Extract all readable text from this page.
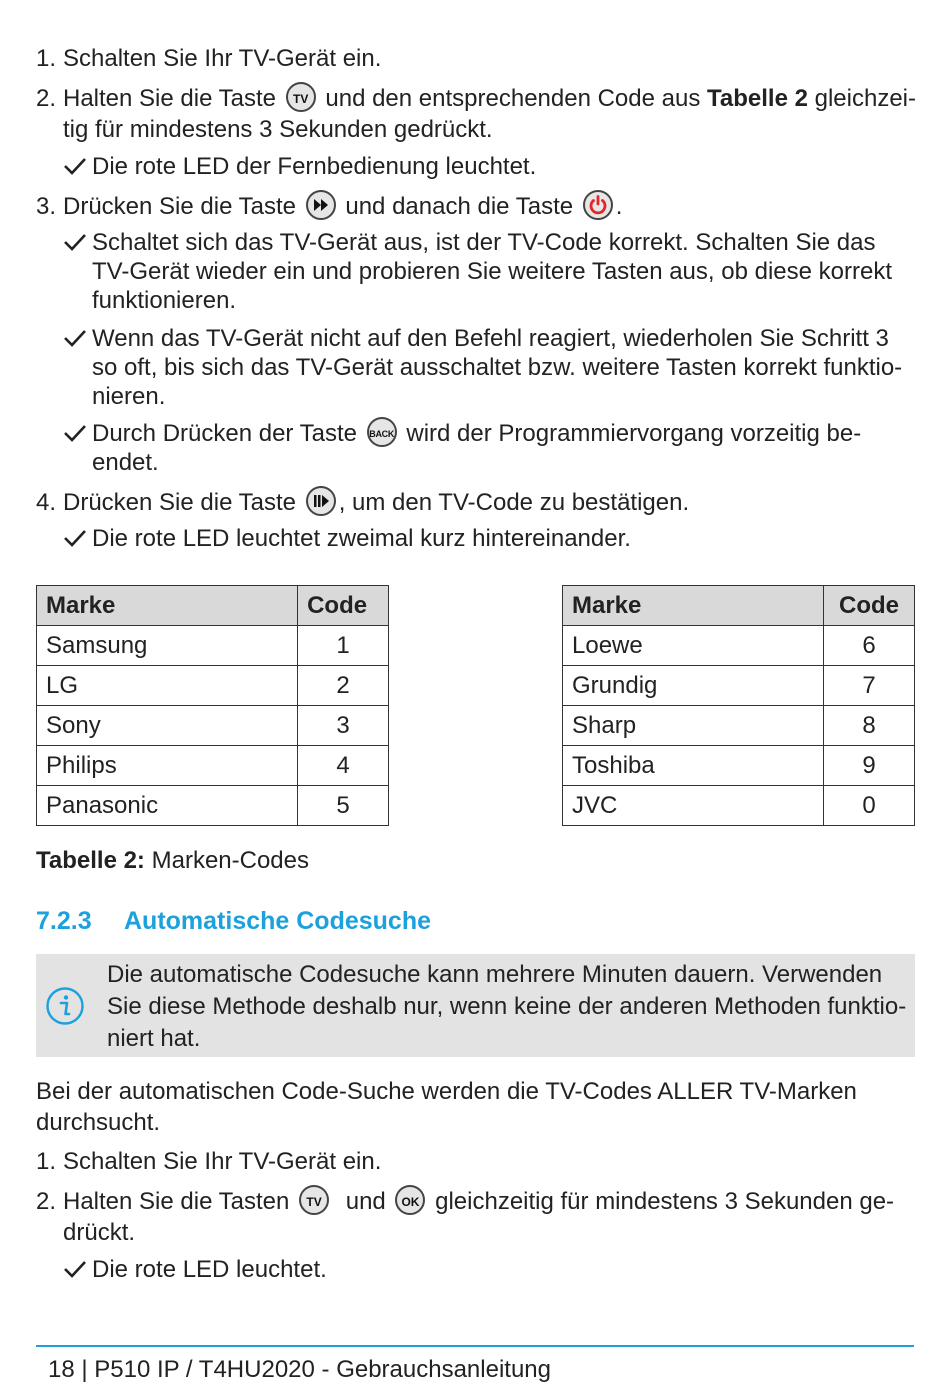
1. Schalten Sie Ihr TV-Gerät ein.
2. Halten Sie die Taste TV und den entsprechenden Code aus Tabelle 2 gleichzei-
tig für mindestens 3 Sekunden gedrückt.
Die rote LED der Fernbedienung leuchtet.
3. Drücken Sie die Taste und danach die Taste .
Schaltet sich das TV-Gerät aus, ist der TV-Code korrekt. Schalten Sie das
TV-Gerät wieder ein und probieren Sie weitere Tasten aus, ob diese korrekt
funktionieren.
Wenn das TV-Gerät nicht auf den Befehl reagiert, wiederholen Sie Schritt 3
so oft, bis sich das TV-Gerät ausschaltet bzw. weitere Tasten korrekt funktio-
nieren.
Durch Drücken der Taste BACK wird der Programmiervorgang vorzeitig be-
endet.
4. Drücken Sie die Taste , um den TV-Code zu bestätigen.
Die rote LED leuchtet zweimal kurz hintereinander.
Marke	Code
Samsung	1
LG	2
Sony	3
Philips	4
Panasonic	5
Marke	Code
Loewe	6
Grundig	7
Sharp	8
Toshiba	9
JVC	0
Tabelle 2: Marken-Codes
7.2.3 Automatische Codesuche
Die automatische Codesuche kann mehrere Minuten dauern. Verwenden
Sie diese Methode deshalb nur, wenn keine der anderen Methoden funktio-
niert hat.
Bei der automatischen Code-Suche werden die TV-Codes ALLER TV-Marken
durchsucht.
1. Schalten Sie Ihr TV-Gerät ein.
2. Halten Sie die Tasten TV und OK gleichzeitig für mindestens 3 Sekunden ge-
drückt.
Die rote LED leuchtet.
18 | P510 IP / T4HU2020 - Gebrauchsanleitung
